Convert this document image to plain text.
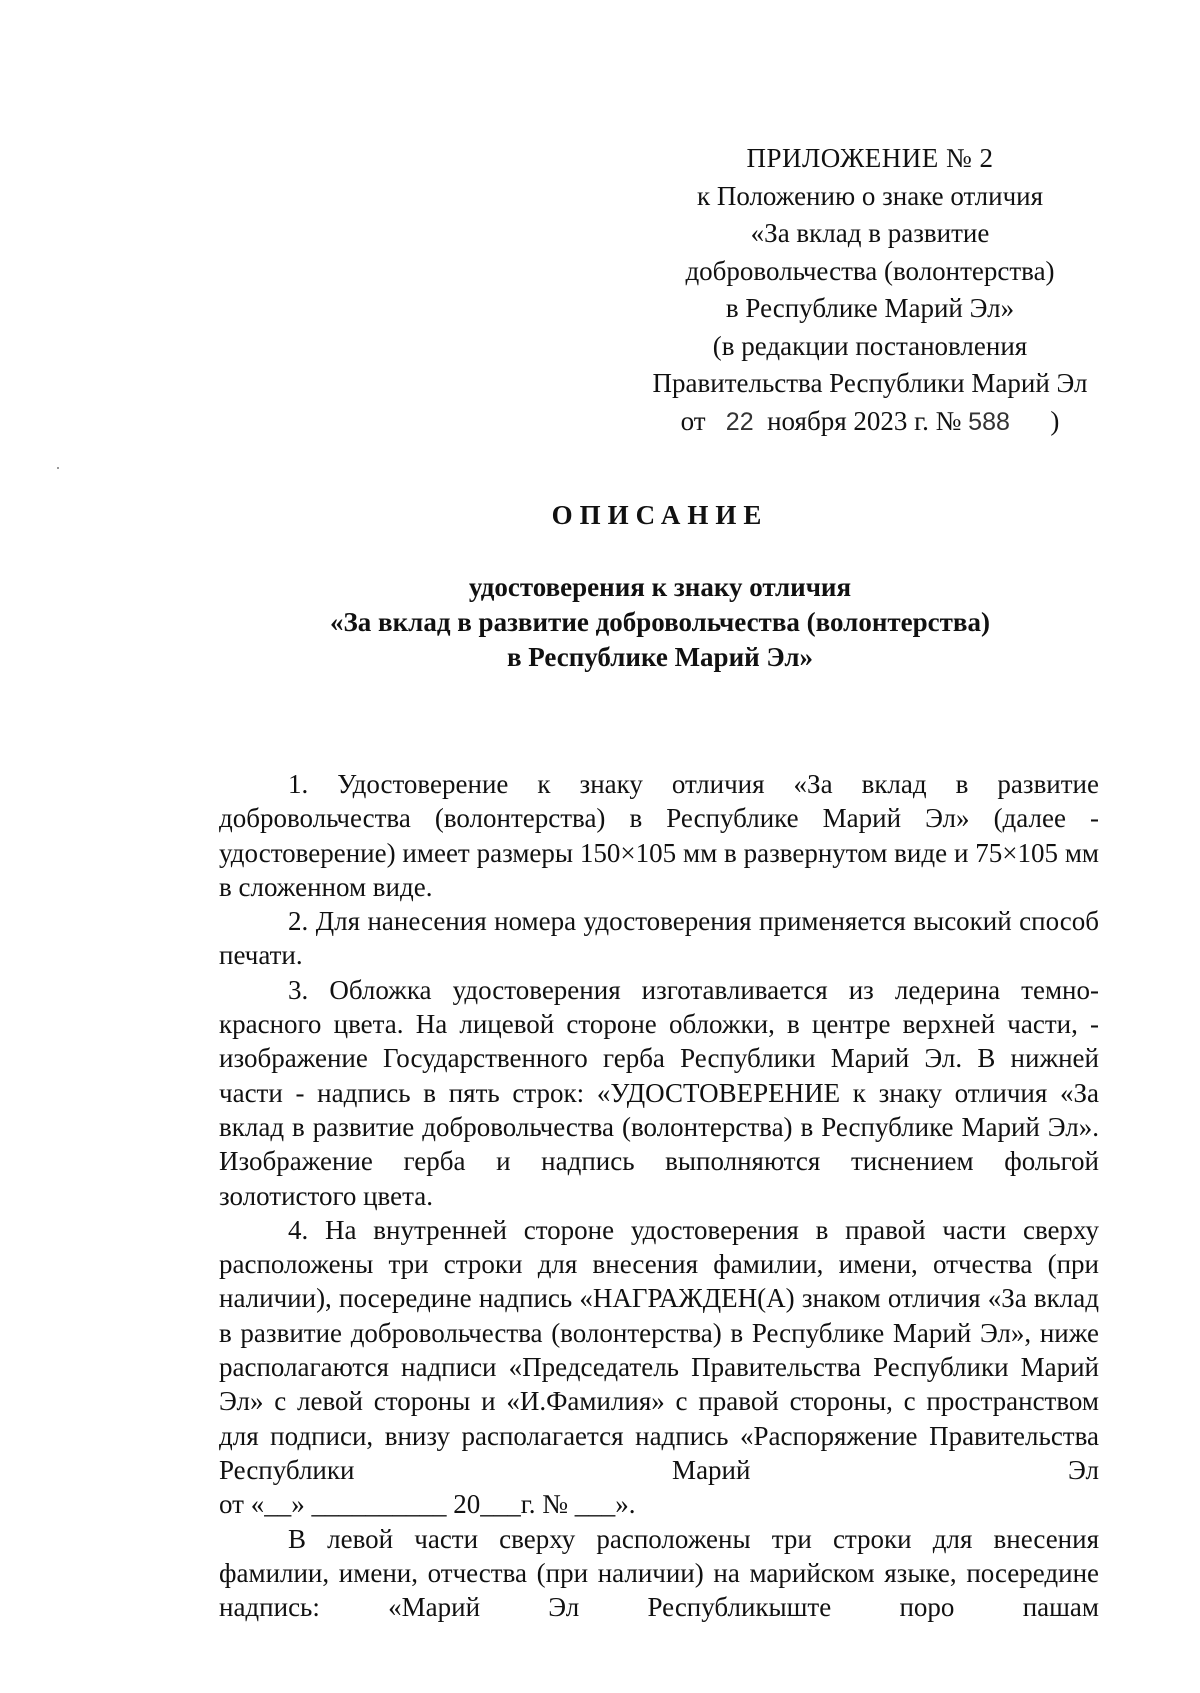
ПРИЛОЖЕНИЕ № 2
к Положению о знаке отличия
«За вклад в развитие
добровольчества (волонтерства)
в Республике Марий Эл»
(в редакции постановления
Правительства Республики Марий Эл
от 22 ноября 2023 г. № 588 )
ОПИСАНИЕ
удостоверения к знаку отличия
«За вклад в развитие добровольчества (волонтерства)
в Республике Марий Эл»

1. Удостоверение к знаку отличия «За вклад в развитие добровольчества (волонтерства) в Республике Марий Эл» (далее - удостоверение) имеет размеры 150×105 мм в развернутом виде и 75×105 мм в сложенном виде.

2. Для нанесения номера удостоверения применяется высокий способ печати.

3. Обложка удостоверения изготавливается из ледерина темно-красного цвета. На лицевой стороне обложки, в центре верхней части, - изображение Государственного герба Республики Марий Эл. В нижней части - надпись в пять строк: «УДОСТОВЕРЕНИЕ к знаку отличия «За вклад в развитие добровольчества (волонтерства) в Республике Марий Эл». Изображение герба и надпись выполняются тиснением фольгой золотистого цвета.

4. На внутренней стороне удостоверения в правой части сверху расположены три строки для внесения фамилии, имени, отчества (при наличии), посередине надпись «НАГРАЖДЕН(А) знаком отличия «За вклад в развитие добровольчества (волонтерства) в Республике Марий Эл», ниже располагаются надписи «Председатель Правительства Республики Марий Эл» с левой стороны и «И.Фамилия» с правой стороны, с пространством для подписи, внизу располагается надпись «Распоряжение Правительства Республики Марий Эл

от «__» __________ 20___г. № ___».

В левой части сверху расположены три строки для внесения фамилии, имени, отчества (при наличии) на марийском языке, посередине надпись: «Марий Эл Республикыште поро пашам
